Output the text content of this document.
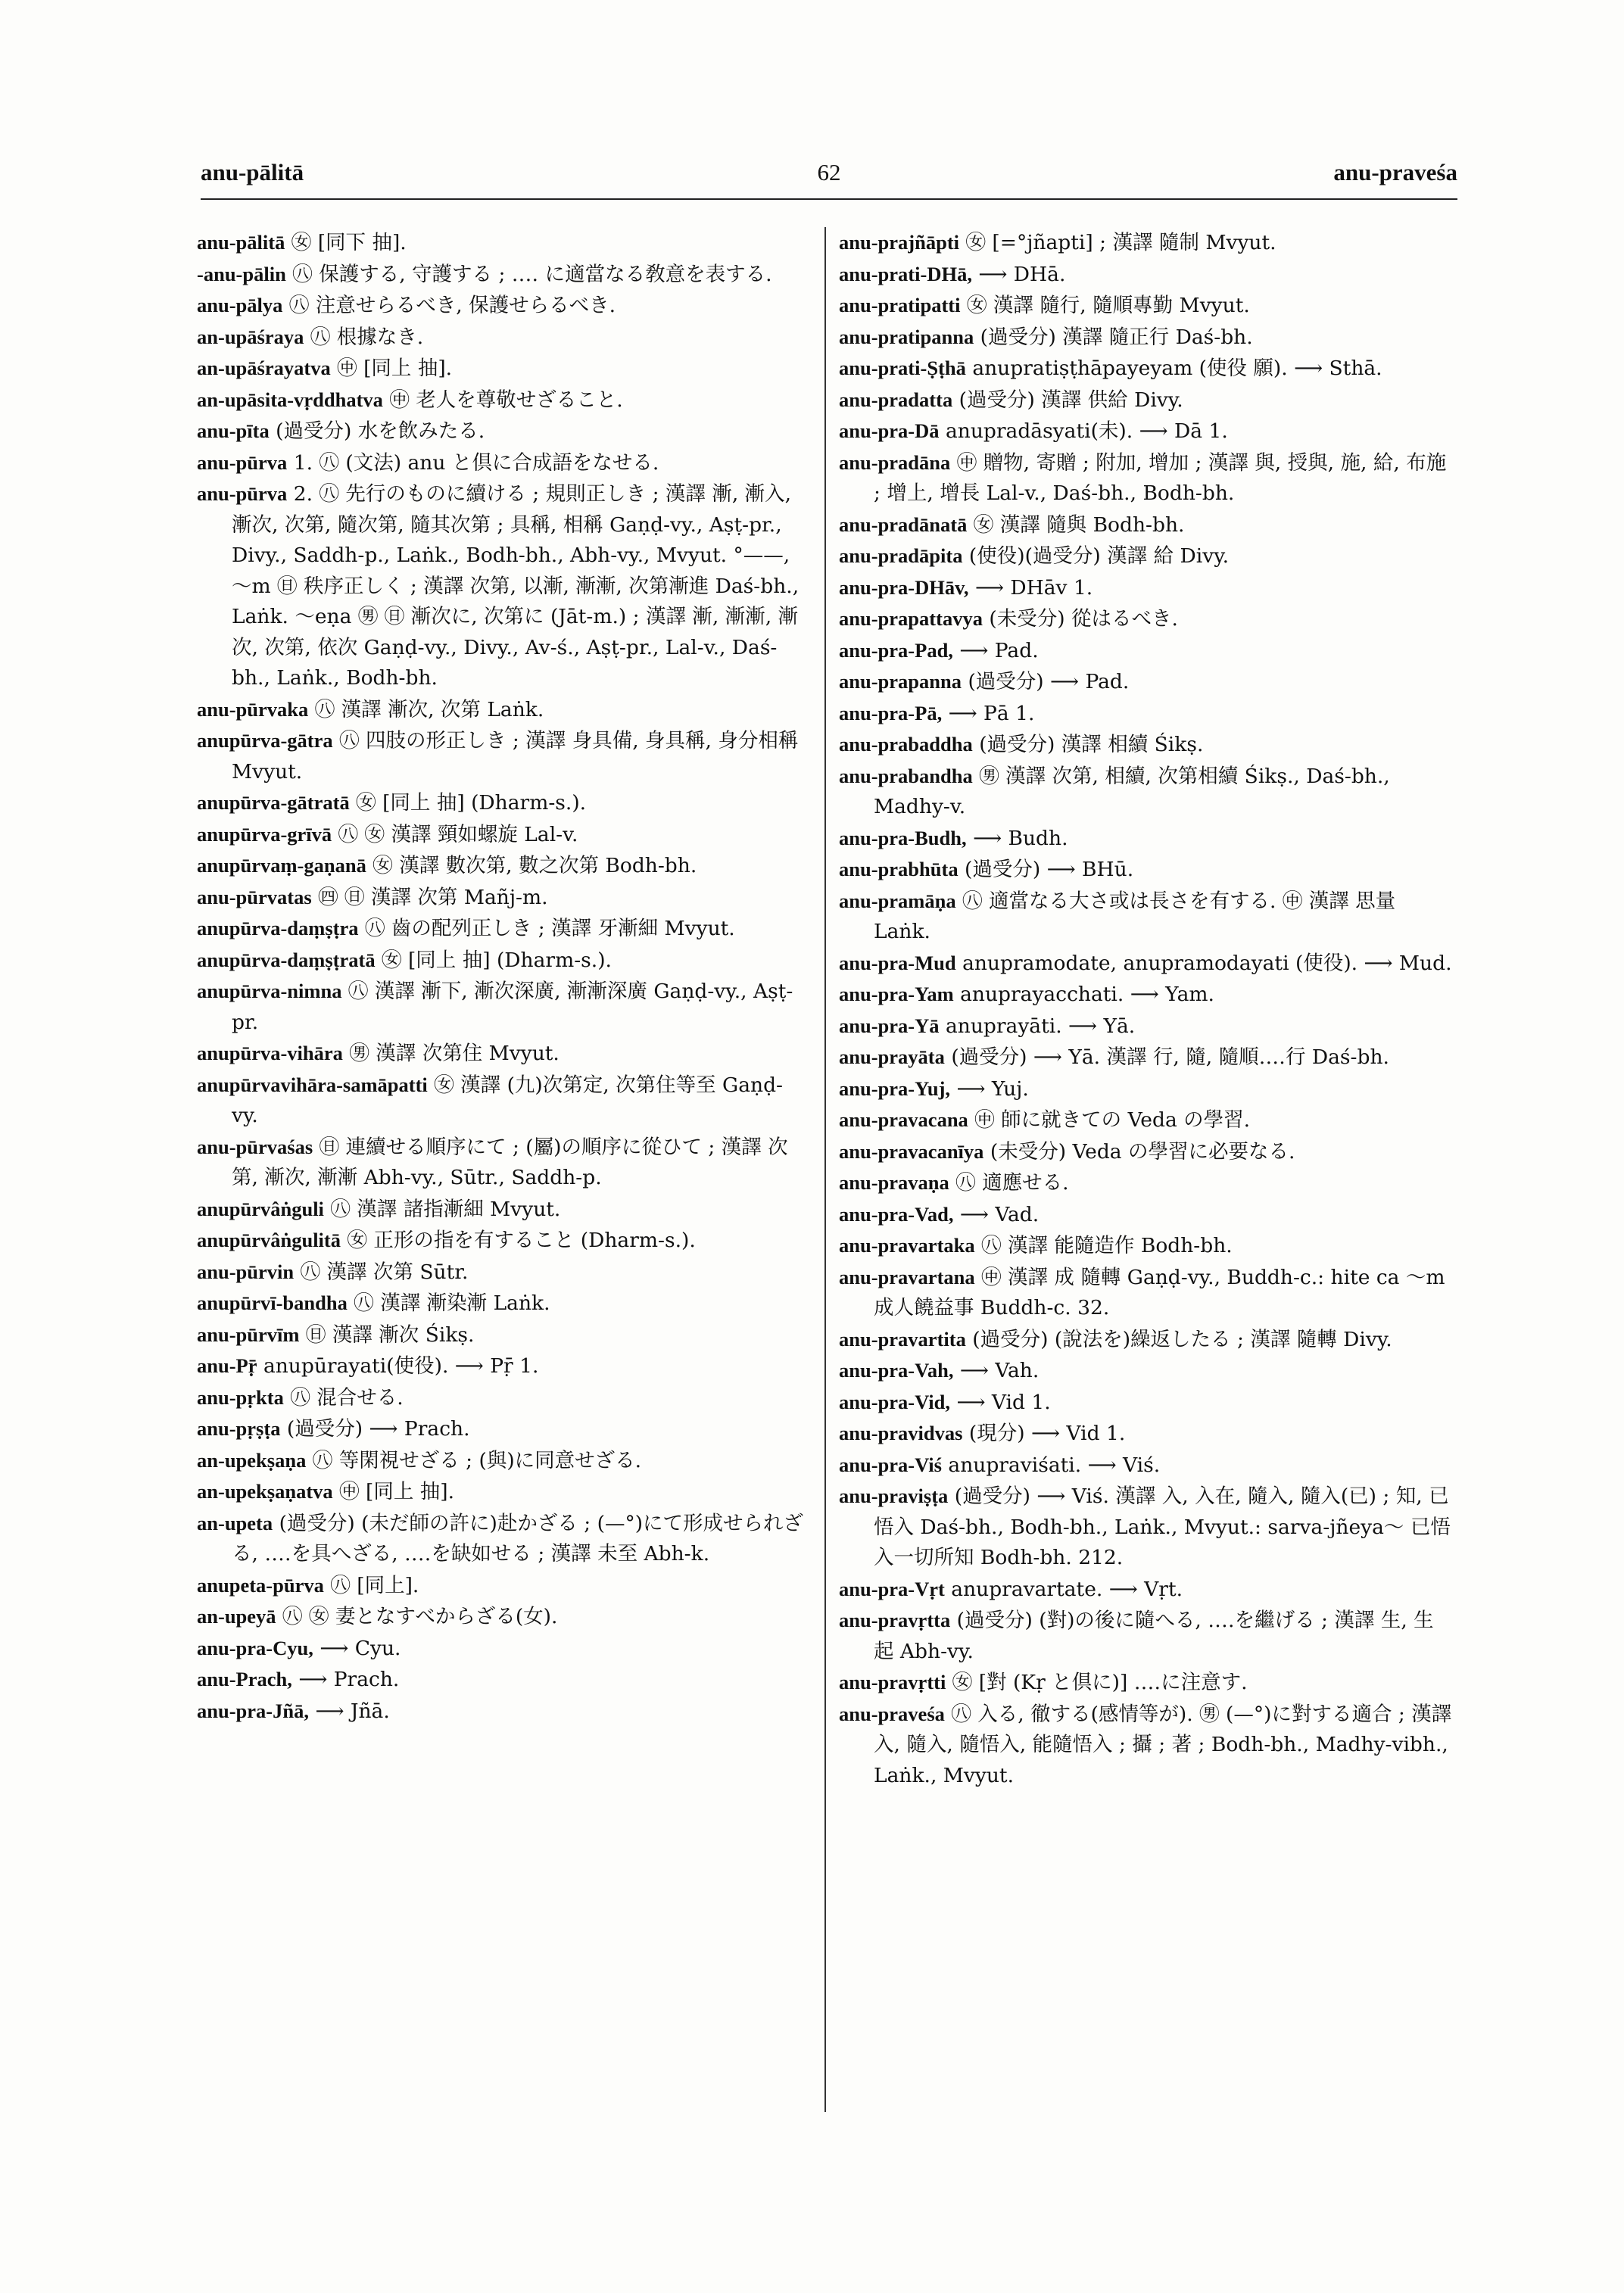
anu-pālitā	62	anu-praveśa
anu-pālitā ㊛ [同下 抽].
-anu-pālin ㊇ 保護する, 守護する ; ‥‥ に適當なる敎意を表する.
anu-pālya ㊇ 注意せらるべき, 保護せらるべき.
an-upāśraya ㊇ 根據なき.
an-upāśrayatva ㊥ [同上 抽].
an-upāsita-vṛddhatva ㊥ 老人を尊敬せざること.
anu-pīta (過受分) 水を飲みたる.
anu-pūrva 1. ㊇ (文法) anu と倶に合成語をなせる.
anu-pūrva 2. ㊇ 先行のものに續ける ; 規則正しき ; 漢譯 漸, 漸入, 漸次, 次第, 隨次第, 隨其次第 ; 具稱, 相稱 Gaṇḍ-vy., Aṣṭ-pr., Divy., Saddh-p., Laṅk., Bodh-bh., Abh-vy., Mvyut. °——, ～m ㊐ 秩序正しく ; 漢譯 次第, 以漸, 漸漸, 次第漸進 Daś-bh., Laṅk. ～eṇa ㊚ ㊐ 漸次に, 次第に (Jāt-m.) ; 漢譯 漸, 漸漸, 漸次, 次第, 依次 Gaṇḍ-vy., Divy., Av-ś., Aṣṭ-pr., Lal-v., Daś-bh., Laṅk., Bodh-bh.
anu-pūrvaka ㊇ 漢譯 漸次, 次第 Laṅk.
anupūrva-gātra ㊇ 四肢の形正しき ; 漢譯 身具備, 身具稱, 身分相稱 Mvyut.
anupūrva-gātratā ㊛ [同上 抽] (Dharm-s.).
anupūrva-grīvā ㊇ ㊛ 漢譯 頸如螺旋 Lal-v.
anupūrvaṃ-gaṇanā ㊛ 漢譯 數次第, 數之次第 Bodh-bh.
anu-pūrvatas ㊃ ㊐ 漢譯 次第 Mañj-m.
anupūrva-daṃṣṭra ㊇ 齒の配列正しき ; 漢譯 牙漸細 Mvyut.
anupūrva-daṃṣṭratā ㊛ [同上 抽] (Dharm-s.).
anupūrva-nimna ㊇ 漢譯 漸下, 漸次深廣, 漸漸深廣 Gaṇḍ-vy., Aṣṭ-pr.
anupūrva-vihāra ㊚ 漢譯 次第住 Mvyut.
anupūrvavihāra-samāpatti ㊛ 漢譯 (九)次第定, 次第住等至 Gaṇḍ-vy.
anu-pūrvaśas ㊐ 連續せる順序にて ; (屬)の順序に從ひて ; 漢譯 次第, 漸次, 漸漸 Abh-vy., Sūtr., Saddh-p.
anupūrvâṅguli ㊇ 漢譯 諸指漸細 Mvyut.
anupūrvâṅgulitā ㊛ 正形の指を有すること (Dharm-s.).
anu-pūrvin ㊇ 漢譯 次第 Sūtr.
anupūrvī-bandha ㊇ 漢譯 漸染漸 Laṅk.
anu-pūrvīm ㊐ 漢譯 漸次 Śikṣ.
anu-Pṝ anupūrayati(使役). ⟶ Pṝ 1.
anu-pṛkta ㊇ 混合せる.
anu-pṛṣṭa (過受分) ⟶ Prach.
an-upekṣaṇa ㊇ 等閑視せざる ; (與)に同意せざる.
an-upekṣaṇatva ㊥ [同上 抽].
an-upeta (過受分) (未だ師の許に)赴かざる ; (—°)にて形成せられざる, ‥‥を具へざる, ‥‥を缺如せる ; 漢譯 未至 Abh-k.
anupeta-pūrva ㊇ [同上].
an-upeyā ㊇ ㊛ 妻となすべからざる(女).
anu-pra-Cyu, ⟶ Cyu.
anu-Prach, ⟶ Prach.
anu-pra-Jñā, ⟶ Jñā.
anu-prajñāpti ㊛ [=°jñapti] ; 漢譯 隨制 Mvyut.
anu-prati-DHā, ⟶ DHā.
anu-pratipatti ㊛ 漢譯 隨行, 隨順專勤 Mvyut.
anu-pratipanna (過受分) 漢譯 隨正行 Daś-bh.
anu-prati-Ṣṭhā anupratiṣṭhāpayeyam (使役 願). ⟶ Sthā.
anu-pradatta (過受分) 漢譯 供給 Divy.
anu-pra-Dā anupradāsyati(未). ⟶ Dā 1.
anu-pradāna ㊥ 贈物, 寄贈 ; 附加, 增加 ; 漢譯 與, 授與, 施, 給, 布施 ; 增上, 增長 Lal-v., Daś-bh., Bodh-bh.
anu-pradānatā ㊛ 漢譯 隨與 Bodh-bh.
anu-pradāpita (使役)(過受分) 漢譯 給 Divy.
anu-pra-DHāv, ⟶ DHāv 1.
anu-prapattavya (未受分) 從はるべき.
anu-pra-Pad, ⟶ Pad.
anu-prapanna (過受分) ⟶ Pad.
anu-pra-Pā, ⟶ Pā 1.
anu-prabaddha (過受分) 漢譯 相續 Śikṣ.
anu-prabandha ㊚ 漢譯 次第, 相續, 次第相續 Śikṣ., Daś-bh., Madhy-v.
anu-pra-Budh, ⟶ Budh.
anu-prabhūta (過受分) ⟶ BHū.
anu-pramāṇa ㊇ 適當なる大さ或は長さを有する. ㊥ 漢譯 思量 Laṅk.
anu-pra-Mud anupramodate, anupramodayati (使役). ⟶ Mud.
anu-pra-Yam anuprayacchati. ⟶ Yam.
anu-pra-Yā anuprayāti. ⟶ Yā.
anu-prayāta (過受分) ⟶ Yā. 漢譯 行, 隨, 隨順‥‥行 Daś-bh.
anu-pra-Yuj, ⟶ Yuj.
anu-pravacana ㊥ 師に就きての Veda の學習.
anu-pravacanīya (未受分) Veda の學習に必要なる.
anu-pravaṇa ㊇ 適應せる.
anu-pra-Vad, ⟶ Vad.
anu-pravartaka ㊇ 漢譯 能隨造作 Bodh-bh.
anu-pravartana ㊥ 漢譯 成 隨轉 Gaṇḍ-vy., Buddh-c.: hite ca ～m 成人饒益事 Buddh-c. 32.
anu-pravartita (過受分) (說法を)繰返したる ; 漢譯 隨轉 Divy.
anu-pra-Vah, ⟶ Vah.
anu-pra-Vid, ⟶ Vid 1.
anu-pravidvas (現分) ⟶ Vid 1.
anu-pra-Viś anupraviśati. ⟶ Viś.
anu-praviṣṭa (過受分) ⟶ Viś. 漢譯 入, 入在, 隨入, 隨入(已) ; 知, 已悟入 Daś-bh., Bodh-bh., Laṅk., Mvyut.: sarva-jñeya～ 已悟入一切所知 Bodh-bh. 212.
anu-pra-Vṛt anupravartate. ⟶ Vṛt.
anu-pravṛtta (過受分) (對)の後に隨へる, ‥‥を繼げる ; 漢譯 生, 生起 Abh-vy.
anu-pravṛtti ㊛ [對 (Kṛ と倶に)] ‥‥に注意す.
anu-praveśa ㊇ 入る, 徹する(感情等が). ㊚ (—°)に對する適合 ; 漢譯 入, 隨入, 隨悟入, 能隨悟入 ; 攝 ; 著 ; Bodh-bh., Madhy-vibh., Laṅk., Mvyut.
